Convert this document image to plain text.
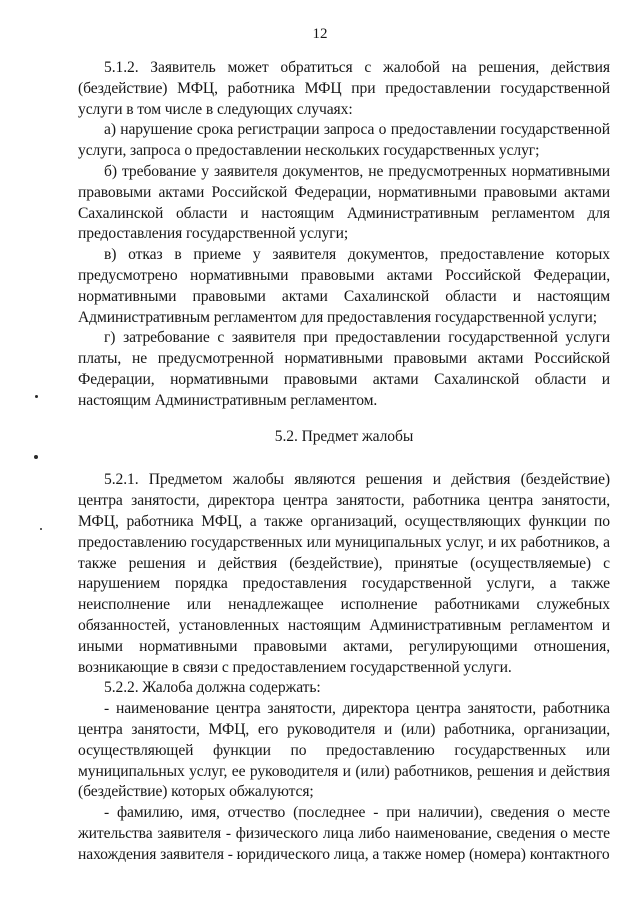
12

5.1.2. Заявитель может обратиться с жалобой на решения, действия (бездействие) МФЦ, работника МФЦ при предоставлении государственной услуги в том числе в следующих случаях:

а) нарушение срока регистрации запроса о предоставлении государственной услуги, запроса о предоставлении нескольких государственных услуг;

б) требование у заявителя документов, не предусмотренных нормативными правовыми актами Российской Федерации, нормативными правовыми актами Сахалинской области и настоящим Административным регламентом для предоставления государственной услуги;

в) отказ в приеме у заявителя документов, предоставление которых предусмотрено нормативными правовыми актами Российской Федерации, нормативными правовыми актами Сахалинской области и настоящим Административным регламентом для предоставления государственной услуги;

г) затребование с заявителя при предоставлении государственной услуги платы, не предусмотренной нормативными правовыми актами Российской Федерации, нормативными правовыми актами Сахалинской области и настоящим Административным регламентом.

5.2. Предмет жалобы

5.2.1. Предметом жалобы являются решения и действия (бездействие) центра занятости, директора центра занятости, работника центра занятости, МФЦ, работника МФЦ, а также организаций, осуществляющих функции по предоставлению государственных или муниципальных услуг, и их работников, а также решения и действия (бездействие), принятые (осуществляемые) с нарушением порядка предоставления государственной услуги, а также неисполнение или ненадлежащее исполнение работниками служебных обязанностей, установленных настоящим Административным регламентом и иными нормативными правовыми актами, регулирующими отношения, возникающие в связи с предоставлением государственной услуги.

5.2.2. Жалоба должна содержать:

- наименование центра занятости, директора центра занятости, работника центра занятости, МФЦ, его руководителя и (или) работника, организации, осуществляющей функции по предоставлению государственных или муниципальных услуг, ее руководителя и (или) работников, решения и действия (бездействие) которых обжалуются;

- фамилию, имя, отчество (последнее - при наличии), сведения о месте жительства заявителя - физического лица либо наименование, сведения о месте нахождения заявителя - юридического лица, а также номер (номера) контактного
